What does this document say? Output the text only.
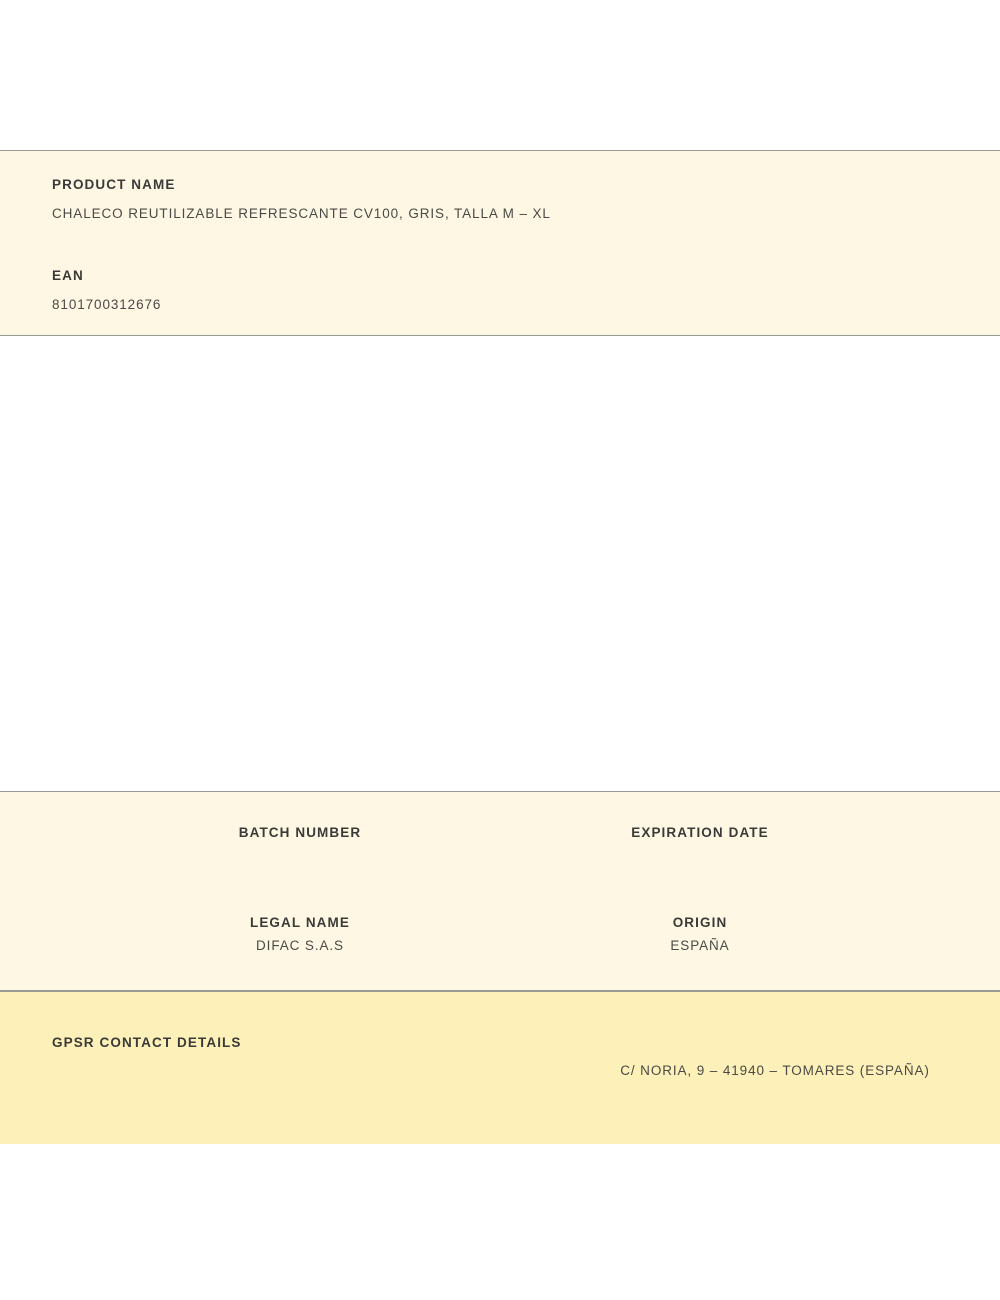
PRODUCT NAME
CHALECO REUTILIZABLE REFRESCANTE CV100, GRIS, TALLA M – XL
EAN
8101700312676
BATCH NUMBER	EXPIRATION DATE
LEGAL NAME
DIFAC S.A.S
ORIGIN
ESPAÑA
GPSR CONTACT DETAILS
C/ NORIA, 9 – 41940 – TOMARES (ESPAÑA)
